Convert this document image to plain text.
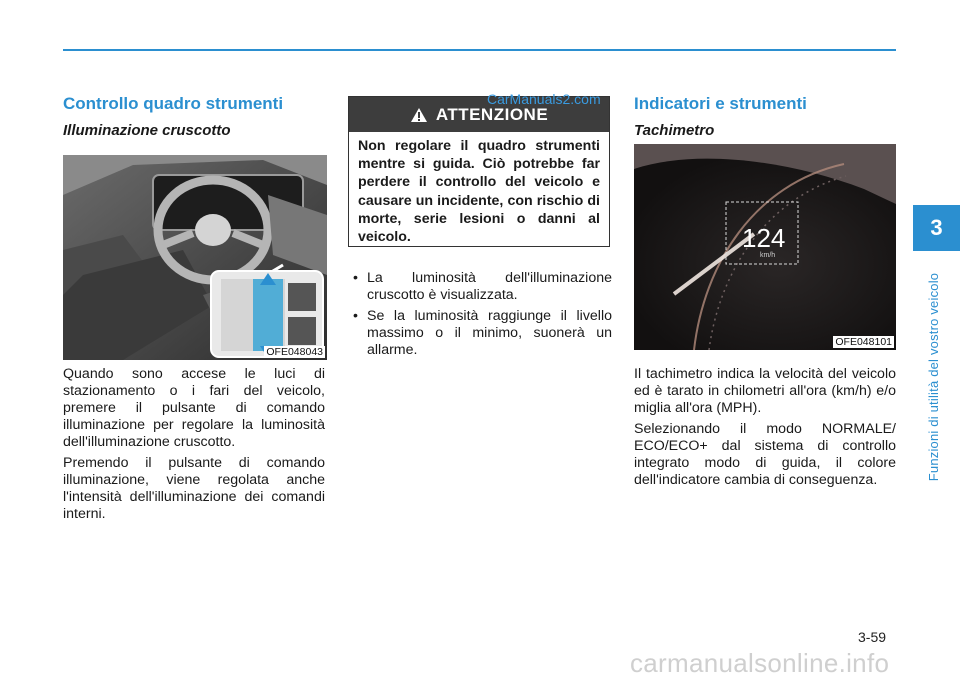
3
Funzioni di utilità del vostro veicolo
Controllo quadro strumenti
Illuminazione cruscotto
OFE048043

Quando sono accese le luci di stazionamento o i fari del veicolo, premere il pulsante di comando illuminazione per regolare la luminosità dell'illuminazione cruscotto.

Premendo il pulsante di comando illuminazione, viene regolata anche l'intensità dell'illuminazione dei comandi interni.

ATTENZIONE

Non regolare il quadro strumenti mentre si guida. Ciò potrebbe far perdere il controllo del veicolo e causare un incidente, con rischio di morte, serie lesioni o danni al veicolo.

CarManuals2.com
• La luminosità dell'illuminazione cruscotto è visualizzata.
• Se la luminosità raggiunge il livello massimo o il minimo, suonerà un allarme.
Indicatori e strumenti
Tachimetro
124
km/h
OFE048101

Il tachimetro indica la velocità del veicolo ed è tarato in chilometri all'ora (km/h) e/o miglia all'ora (MPH).

Selezionando il modo NORMALE/ ECO/ECO+ dal sistema di controllo integrato modo di guida, il colore dell'indicatore cambia di conseguenza.

3-59
carmanualsonline.info
